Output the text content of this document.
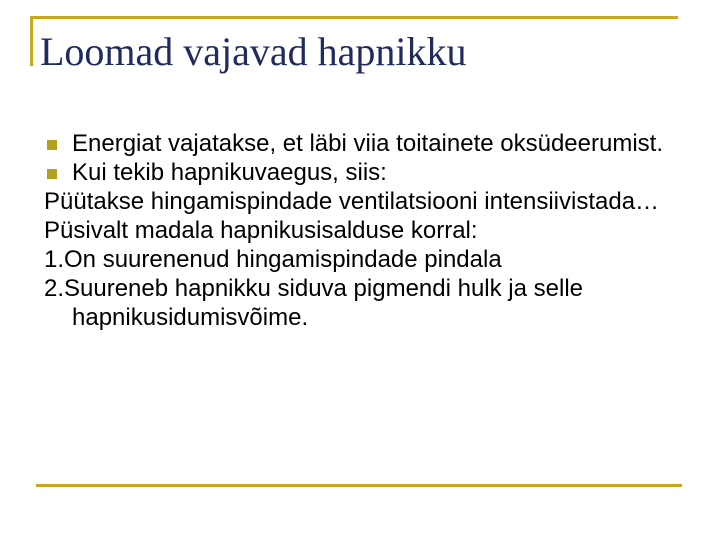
Loomad vajavad hapnikku
Energiat vajatakse, et läbi viia toitainete oksüdeerumist.
Kui tekib hapnikuvaegus, siis:
Püütakse hingamispindade ventilatsiooni intensiivistada…
Püsivalt madala hapnikusisalduse korral:
1.On suurenenud hingamispindade pindala
2.Suureneb hapnikku siduva pigmendi hulk ja selle hapnikusidumisvõime.
